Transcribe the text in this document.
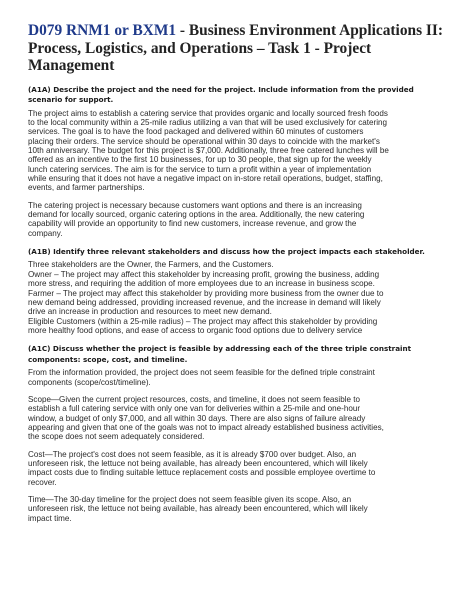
D079 RNM1 or BXM1 - Business Environment Applications II: Process, Logistics, and Operations – Task 1 - Project Management
(A1A) Describe the project and the need for the project. Include information from the provided scenario for support.

The project aims to establish a catering service that provides organic and locally sourced fresh foods
to the local community within a 25-mile radius utilizing a van that will be used exclusively for catering
services. The goal is to have the food packaged and delivered within 60 minutes of customers
placing their orders. The service should be operational within 30 days to coincide with the market's
10th anniversary. The budget for this project is $7,000. Additionally, three free catered lunches will be
offered as an incentive to the first 10 businesses, for up to 30 people, that sign up for the weekly
lunch catering services. The aim is for the service to turn a profit within a year of implementation
while ensuring that it does not have a negative impact on in-store retail operations, budget, staffing,
events, and farmer partnerships.

The catering project is necessary because customers want options and there is an increasing
demand for locally sourced, organic catering options in the area. Additionally, the new catering
capability will provide an opportunity to find new customers, increase revenue, and grow the
company.

(A1B) Identify three relevant stakeholders and discuss how the project impacts each stakeholder.

Three stakeholders are the Owner, the Farmers, and the Customers.
Owner – The project may affect this stakeholder by increasing profit, growing the business, adding
more stress, and requiring the addition of more employees due to an increase in business scope.
Farmer – The project may affect this stakeholder by providing more business from the owner due to
new demand being addressed, providing increased revenue, and the increase in demand will likely
drive an increase in production and resources to meet new demand.
Eligible Customers (within a 25-mile radius) – The project may affect this stakeholder by providing
more healthy food options, and ease of access to organic food options due to delivery service

(A1C) Discuss whether the project is feasible by addressing each of the three triple constraint components: scope, cost, and timeline.

From the information provided, the project does not seem feasible for the defined triple constraint
components (scope/cost/timeline).

Scope—Given the current project resources, costs, and timeline, it does not seem feasible to
establish a full catering service with only one van for deliveries within a 25-mile and one-hour
window, a budget of only $7,000, and all within 30 days. There are also signs of failure already
appearing and given that one of the goals was not to impact already established business activities,
the scope does not seem adequately considered.

Cost—The project's cost does not seem feasible, as it is already $700 over budget. Also, an
unforeseen risk, the lettuce not being available, has already been encountered, which will likely
impact costs due to finding suitable lettuce replacement costs and possible employee overtime to
recover.

Time—The 30-day timeline for the project does not seem feasible given its scope. Also, an
unforeseen risk, the lettuce not being available, has already been encountered, which will likely
impact time.
